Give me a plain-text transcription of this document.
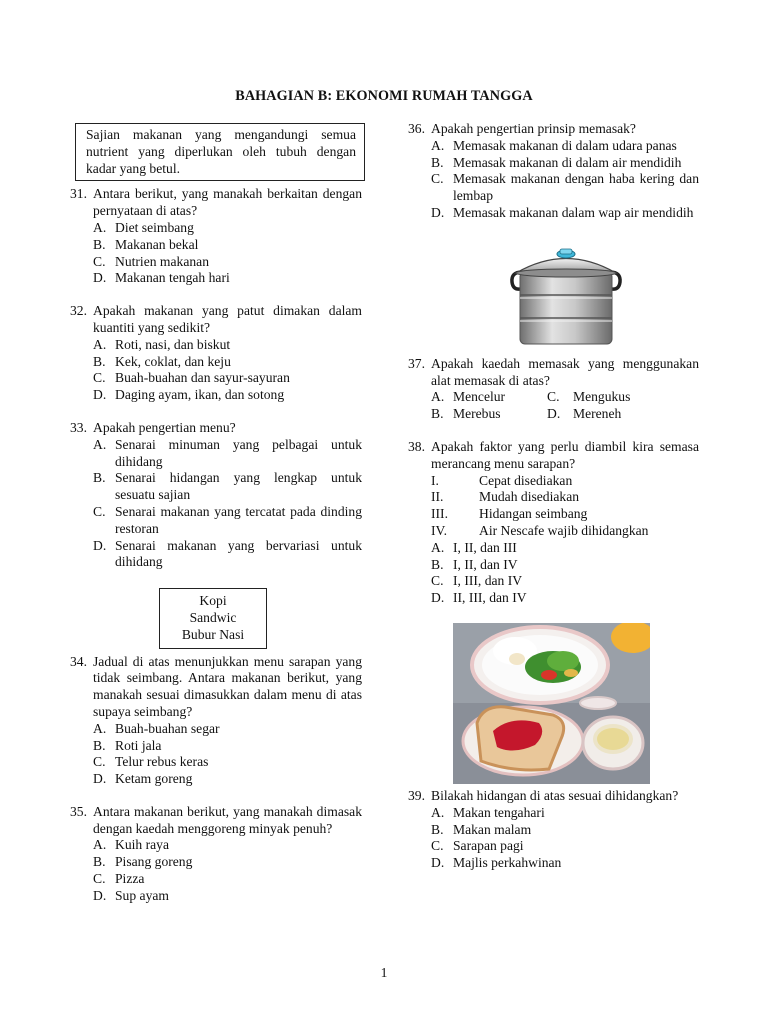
BAHAGIAN B: EKONOMI RUMAH TANGGA
Sajian makanan yang mengandungi semua nutrient yang diperlukan oleh tubuh dengan kadar yang betul.
31. Antara berikut, yang manakah berkaitan dengan pernyataan di atas?
A. Diet seimbang
B. Makanan bekal
C. Nutrien makanan
D. Makanan tengah hari
32. Apakah makanan yang patut dimakan dalam kuantiti yang sedikit?
A. Roti, nasi, dan biskut
B. Kek, coklat, dan keju
C. Buah-buahan dan sayur-sayuran
D. Daging ayam, ikan, dan sotong
33. Apakah pengertian menu?
A. Senarai minuman yang pelbagai untuk dihidang
B. Senarai hidangan yang lengkap untuk sesuatu sajian
C. Senarai makanan yang tercatat pada dinding restoran
D. Senarai makanan yang bervariasi untuk dihidang
Kopi
Sandwic
Bubur Nasi
34. Jadual di atas menunjukkan menu sarapan yang tidak seimbang. Antara makanan berikut, yang manakah sesuai dimasukkan dalam menu di atas supaya seimbang?
A. Buah-buahan segar
B. Roti jala
C. Telur rebus keras
D. Ketam goreng
35. Antara makanan berikut, yang manakah dimasak dengan kaedah menggoreng minyak penuh?
A. Kuih raya
B. Pisang goreng
C. Pizza
D. Sup ayam
36. Apakah pengertian prinsip memasak?
A. Memasak makanan di dalam udara panas
B. Memasak makanan di dalam air mendidih
C. Memasak makanan dengan haba kering dan lembap
D. Memasak makanan dalam wap air mendidih
37. Apakah kaedah memasak yang menggunakan alat memasak di atas?
A. Mencelur	C. Mengukus
B. Merebus	D. Mereneh
38. Apakah faktor yang perlu diambil kira semasa merancang menu sarapan?
I.	Cepat disediakan
II.	Mudah disediakan
III.	Hidangan seimbang
IV.	Air Nescafe wajib dihidangkan
A. I, II, dan III
B. I, II, dan IV
C. I, III, dan IV
D. II, III, dan IV
39. Bilakah hidangan di atas sesuai dihidangkan?
A. Makan tengahari
B. Makan malam
C. Sarapan pagi
D. Majlis perkahwinan
1
